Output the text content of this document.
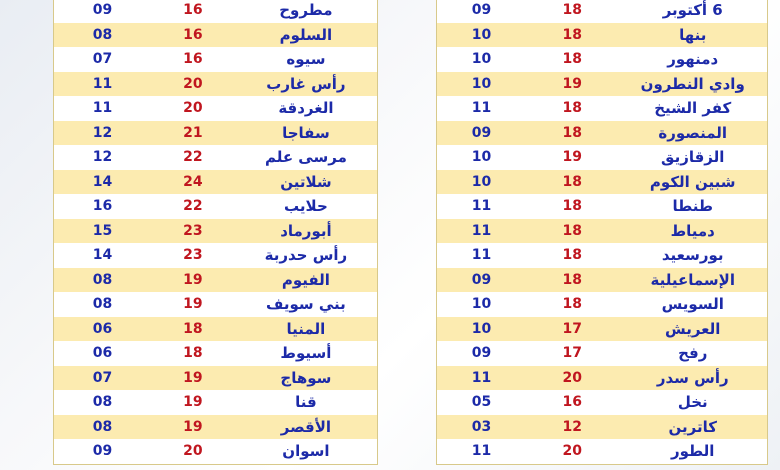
09	16	مطروح
08	16	السلوم
07	16	سيوه
11	20	رأس غارب
11	20	الغردقة
12	21	سفاجا
12	22	مرسى علم
14	24	شلاتين
16	22	حلايب
15	23	أبورماد
14	23	رأس حدربة
08	19	الفيوم
08	19	بني سويف
06	18	المنيا
06	18	أسيوط
07	19	سوهاج
08	19	قنا
08	19	الأقصر
09	20	اسوان
09	18	6 أكتوبر
10	18	بنها
10	18	دمنهور
10	19	وادي النطرون
11	18	كفر الشيخ
09	18	المنصورة
10	19	الزقازيق
10	18	شبين الكوم
11	18	طنطا
11	18	دمياط
11	18	بورسعيد
09	18	الإسماعيلية
10	18	السويس
10	17	العريش
09	17	رفح
11	20	رأس سدر
05	16	نخل
03	12	كاترين
11	20	الطور
